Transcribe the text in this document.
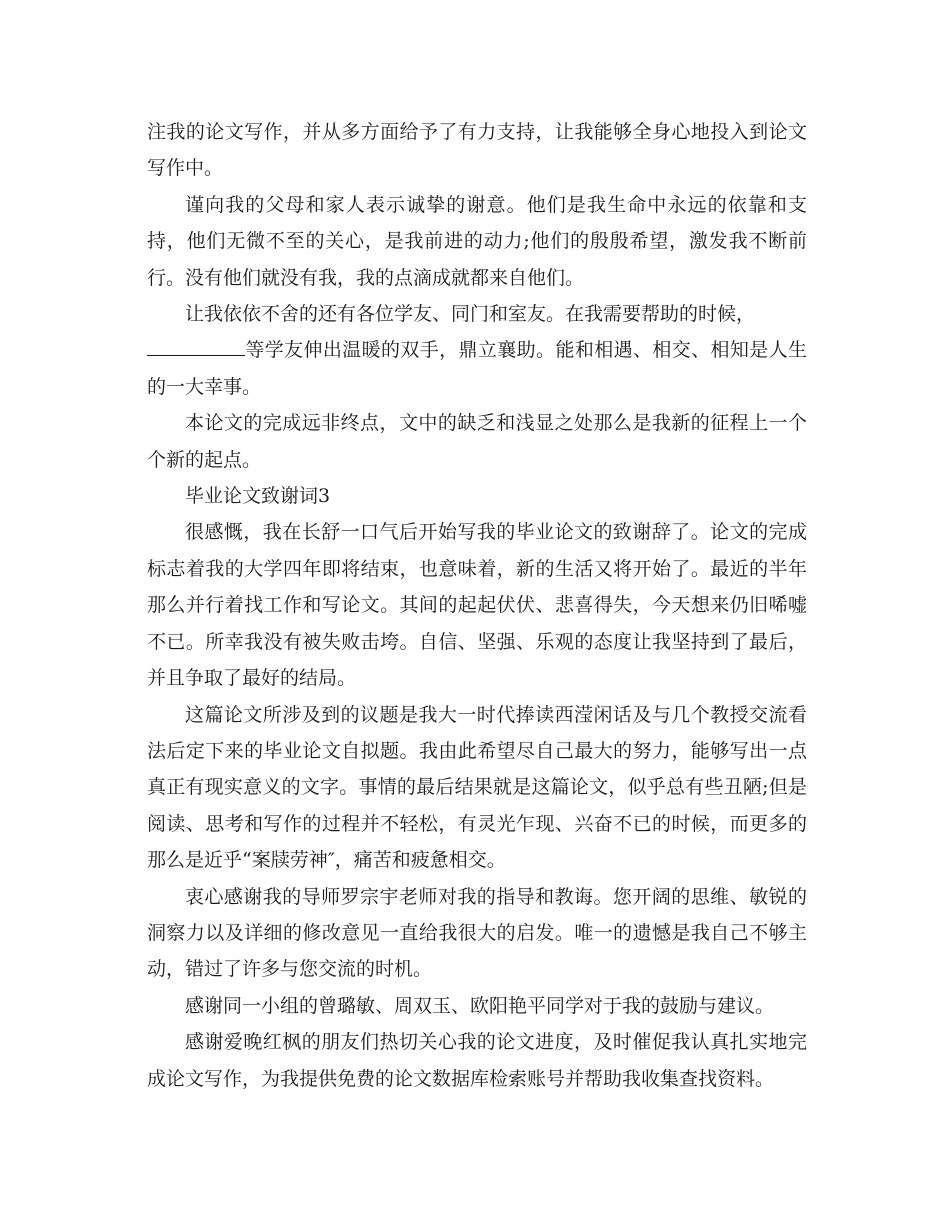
注我的论文写作，并从多方面给予了有力支持，让我能够全身心地投入到论文写作中。

谨向我的父母和家人表示诚挚的谢意。他们是我生命中永远的依靠和支持，他们无微不至的关心，是我前进的动力;他们的殷殷希望，激发我不断前行。没有他们就没有我，我的点滴成就都来自他们。

让我依依不舍的还有各位学友、同门和室友。在我需要帮助的时候，

等学友伸出温暖的双手，鼎立襄助。能和相遇、相交、相知是人生的一大幸事。

本论文的完成远非终点，文中的缺乏和浅显之处那么是我新的征程上一个个新的起点。

毕业论文致谢词3

很感慨，我在长舒一口气后开始写我的毕业论文的致谢辞了。论文的完成标志着我的大学四年即将结束，也意味着，新的生活又将开始了。最近的半年那么并行着找工作和写论文。其间的起起伏伏、悲喜得失，今天想来仍旧唏嘘不已。所幸我没有被失败击垮。自信、坚强、乐观的态度让我坚持到了最后，并且争取了最好的结局。

这篇论文所涉及到的议题是我大一时代捧读西滢闲话及与几个教授交流看法后定下来的毕业论文自拟题。我由此希望尽自己最大的努力，能够写出一点真正有现实意义的文字。事情的最后结果就是这篇论文，似乎总有些丑陋;但是阅读、思考和写作的过程并不轻松，有灵光乍现、兴奋不已的时候，而更多的那么是近乎“案牍劳神″，痛苦和疲惫相交。

衷心感谢我的导师罗宗宇老师对我的指导和教诲。您开阔的思维、敏锐的洞察力以及详细的修改意见一直给我很大的启发。唯一的遗憾是我自己不够主动，错过了许多与您交流的时机。

感谢同一小组的曾璐敏、周双玉、欧阳艳平同学对于我的鼓励与建议。

感谢爱晚红枫的朋友们热切关心我的论文进度，及时催促我认真扎实地完成论文写作，为我提供免费的论文数据库检索账号并帮助我收集查找资料。
